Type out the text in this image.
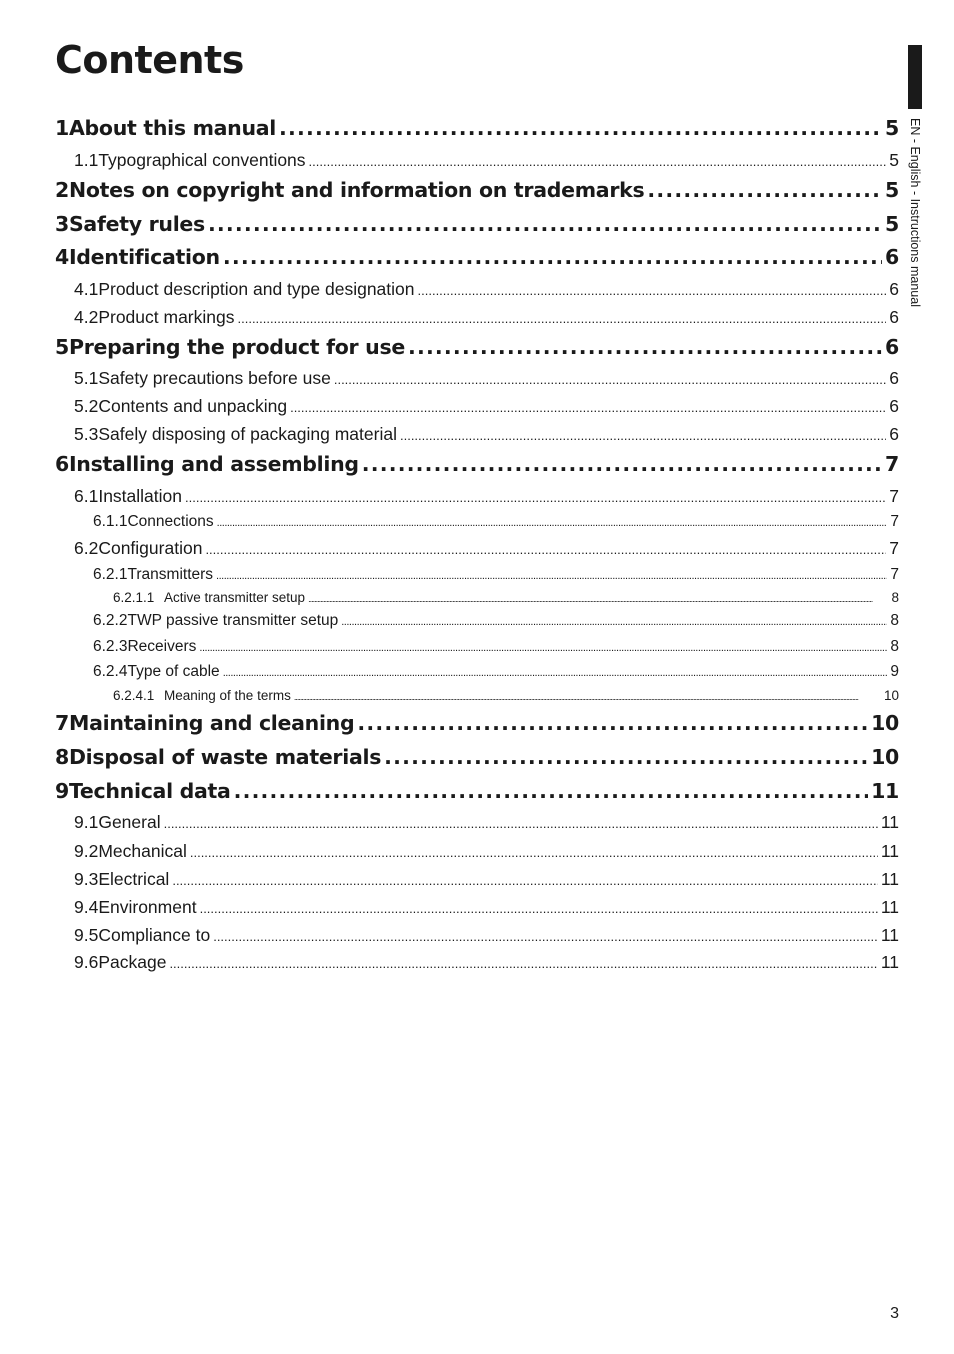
Contents
EN - English - Instructions manual
1 About this manual .....	5
1.1 Typographical conventions .....	5
2 Notes on copyright and information on trademarks .....	5
3 Safety rules .....	5
4 Identification .....	6
4.1 Product description and type designation .....	6
4.2 Product markings .....	6
5 Preparing the product for use .....	6
5.1 Safety precautions before use .....	6
5.2 Contents and unpacking .....	6
5.3 Safely disposing of packaging material .....	6
6 Installing and assembling .....	7
6.1 Installation .....	7
6.1.1 Connections .....	7
6.2 Configuration .....	7
6.2.1 Transmitters .....	7
6.2.1.1 Active transmitter setup .....	8
6.2.2 TWP passive transmitter setup .....	8
6.2.3 Receivers .....	8
6.2.4 Type of cable .....	9
6.2.4.1 Meaning of the terms .....	10
7 Maintaining and cleaning .....	10
8 Disposal of waste materials .....	10
9 Technical data .....	11
9.1 General .....	11
9.2 Mechanical .....	11
9.3 Electrical .....	11
9.4 Environment .....	11
9.5 Compliance to .....	11
9.6 Package .....	11
3
